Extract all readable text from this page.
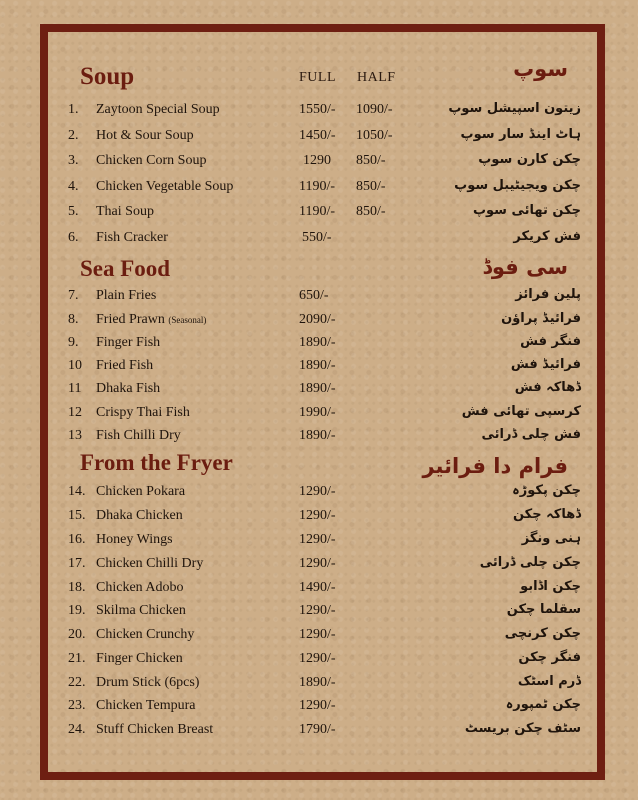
FULL HALF
Soup	سوپ
Sea Food	سی فوڈ
From the Fryer	فرام دا فرائیر
1. Zaytoon Special Soup	1550/- 1090/-	زیتون اسپیشل سوپ
2. Hot & Sour Soup	1450/- 1050/-	ہاٹ اینڈ سار سوپ
3. Chicken Corn Soup	1290 850/-	چکن کارن سوپ
4. Chicken Vegetable Soup	1190/- 850/-	چکن ویجیٹیبل سوپ
5. Thai Soup	1190/- 850/-	چکن تھائی سوپ
6. Fish Cracker	550/-	فش کریکر
7. Plain Fries	650/-	پلین فرائز
8. Fried Prawn (Seasonal)	2090/-	فرائیڈ پراؤن
9. Finger Fish	1890/-	فنگر فش
10 Fried Fish	1890/-	فرائیڈ فش
11 Dhaka Fish	1890/-	ڈھاکہ فش
12 Crispy Thai Fish	1990/-	کرسپی تھائی فش
13 Fish Chilli Dry	1890/-	فش چلی ڈرائی
14. Chicken Pokara	1290/-	چکن پکوڑہ
15. Dhaka Chicken	1290/-	ڈھاکہ چکن
16. Honey Wings	1290/-	ہنی ونگز
17. Chicken Chilli Dry	1290/-	چکن چلی ڈرائی
18. Chicken Adobo	1490/-	چکن اڈابو
19. Skilma Chicken	1290/-	سقلما چکن
20. Chicken Crunchy	1290/-	چکن کرنچی
21. Finger Chicken	1290/-	فنگر چکن
22. Drum Stick (6pcs)	1890/-	ڈرم اسٹک
23. Chicken Tempura	1290/-	چکن ٹمپورہ
24. Stuff Chicken Breast	1790/-	سٹف چکن بریسٹ
